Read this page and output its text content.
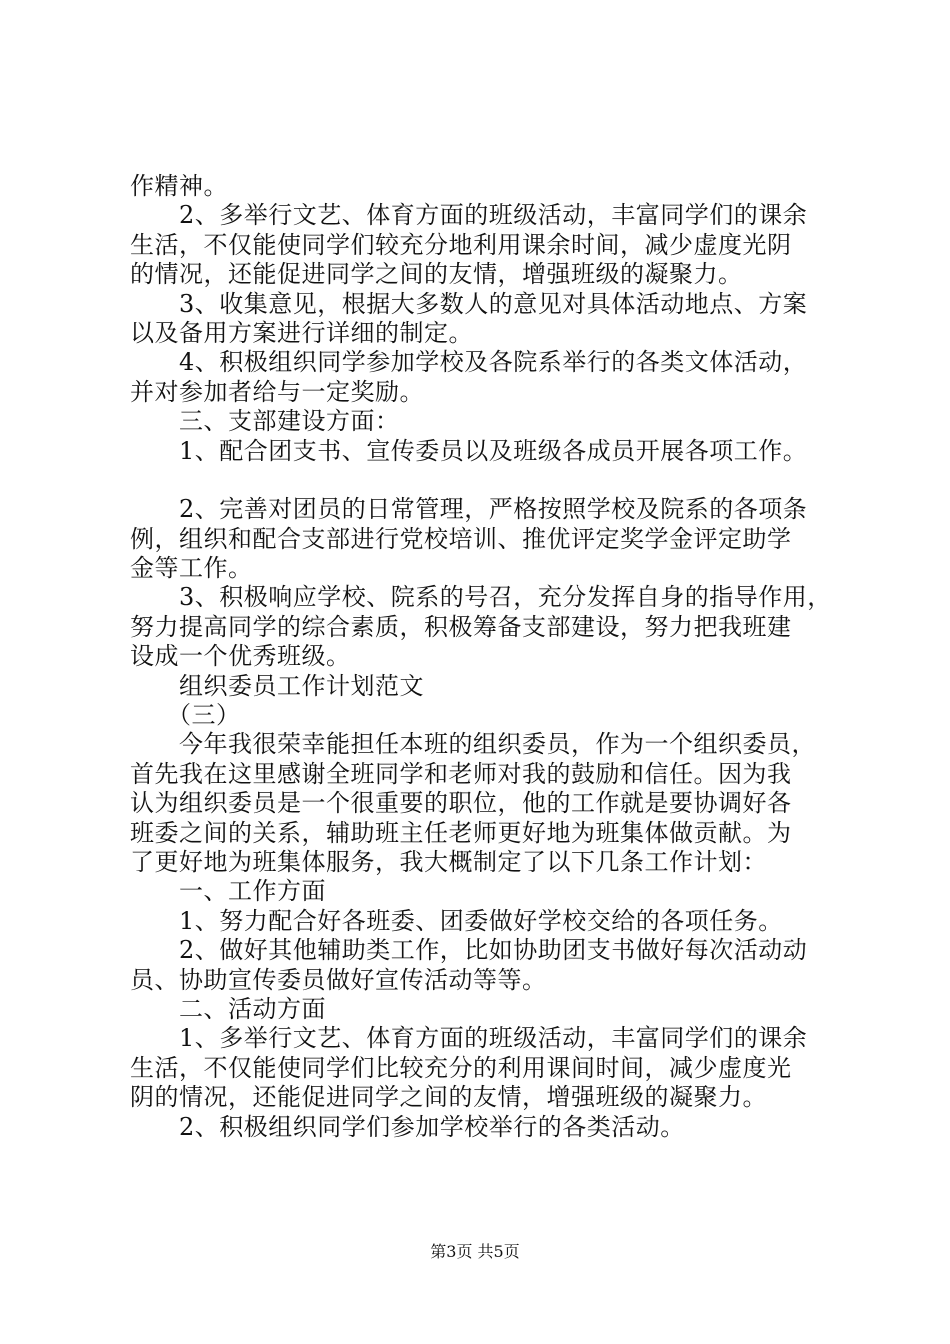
作精神。
　　2、多举行文艺、体育方面的班级活动，丰富同学们的课余
生活，不仅能使同学们较充分地利用课余时间，减少虚度光阴
的情况，还能促进同学之间的友情，增强班级的凝聚力。
　　3、收集意见，根据大多数人的意见对具体活动地点、方案
以及备用方案进行详细的制定。
　　4、积极组织同学参加学校及各院系举行的各类文体活动，
并对参加者给与一定奖励。
　　三、支部建设方面：
　　1、配合团支书、宣传委员以及班级各成员开展各项工作。
　　2、完善对团员的日常管理，严格按照学校及院系的各项条
例，组织和配合支部进行党校培训、推优评定奖学金评定助学
金等工作。
　　3、积极响应学校、院系的号召，充分发挥自身的指导作用，
努力提高同学的综合素质，积极筹备支部建设，努力把我班建
设成一个优秀班级。
　　组织委员工作计划范文
　　（三）
　　今年我很荣幸能担任本班的组织委员，作为一个组织委员，
首先我在这里感谢全班同学和老师对我的鼓励和信任。因为我
认为组织委员是一个很重要的职位，他的工作就是要协调好各
班委之间的关系，辅助班主任老师更好地为班集体做贡献。为
了更好地为班集体服务，我大概制定了以下几条工作计划：
　　一、工作方面
　　1、努力配合好各班委、团委做好学校交给的各项任务。
　　2、做好其他辅助类工作，比如协助团支书做好每次活动动
员、协助宣传委员做好宣传活动等等。
　　二、活动方面
　　1、多举行文艺、体育方面的班级活动，丰富同学们的课余
生活，不仅能使同学们比较充分的利用课间时间，减少虚度光
阴的情况，还能促进同学之间的友情，增强班级的凝聚力。
　　2、积极组织同学们参加学校举行的各类活动。
第3页 共5页
